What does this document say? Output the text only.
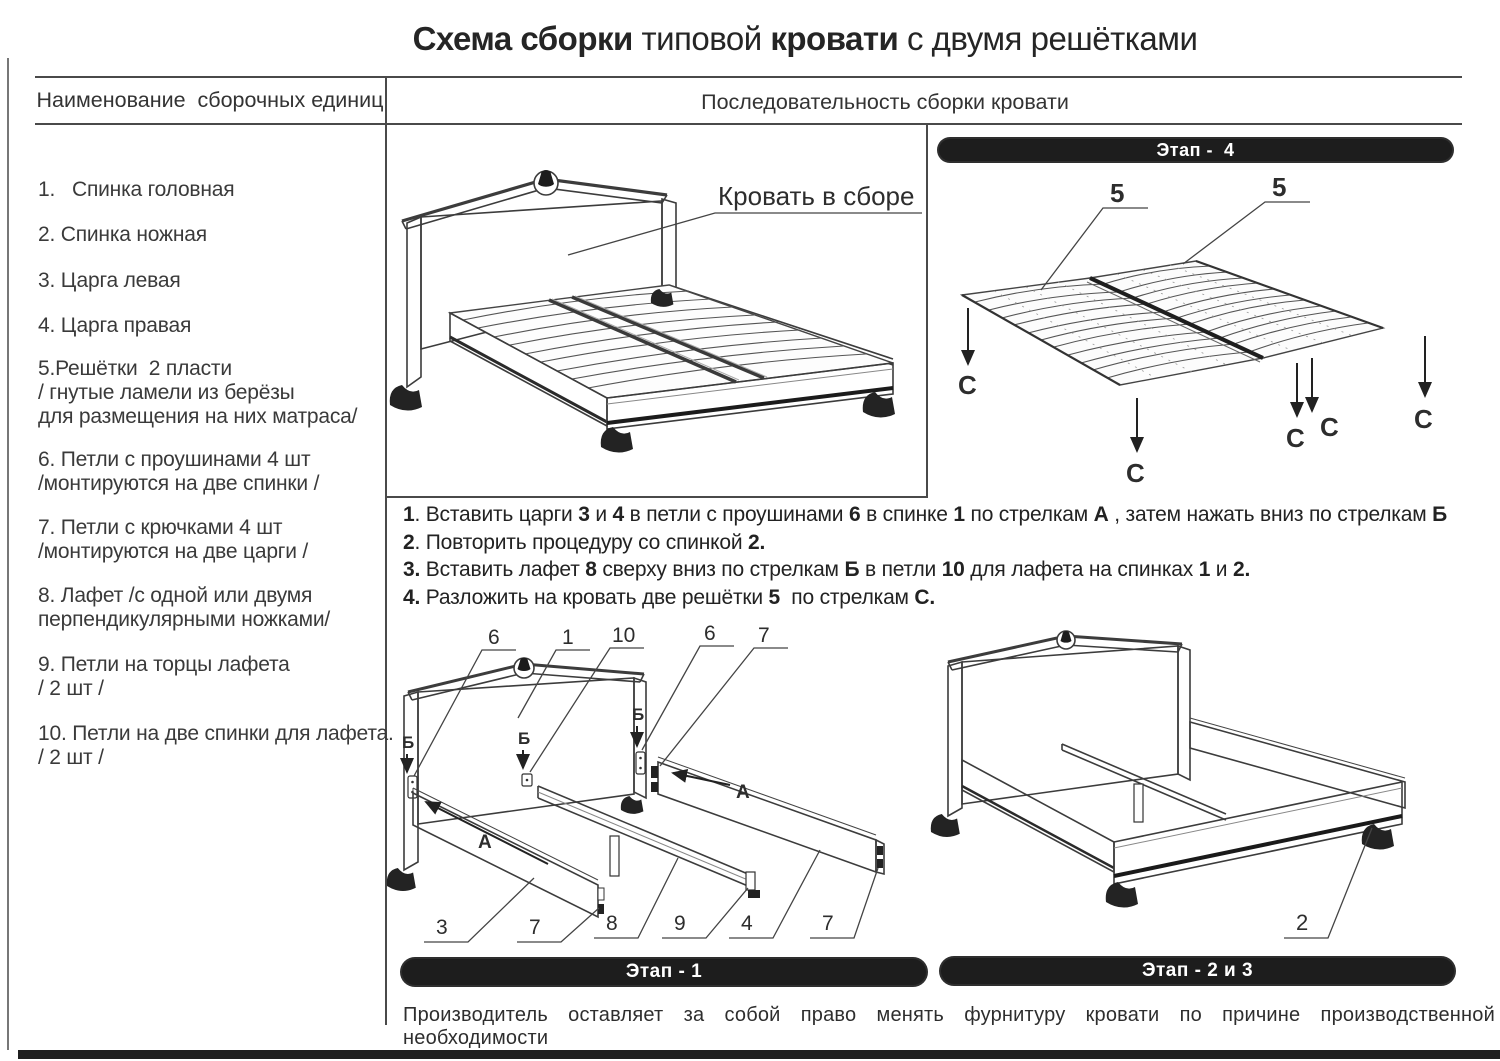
Схема сборки типовой кровати с двумя решётками
Наименование  сборочных единиц	Последовательность сборки кровати
1.   Спинка головная
2. Спинка ножная
3. Царга левая
4. Царга правая
5.Решётки  2 пласти
/ гнутые ламели из берёзы
для размещения на них матраса/
6. Петли с проушинами 4 шт
/монтируются на две спинки /
7. Петли с крючками 4 шт
/монтируются на две царги /
8. Лафет /с одной или двумя
перпендикулярными ножками/
9. Петли на торцы лафета
/ 2 шт /
10. Петли на две спинки для лафета.
/ 2 шт /
Кровать в сборе
Этап -  4
5	5
С
С
С С	С
1. Вставить царги 3 и 4 в петли с проушинами 6 в спинке 1 по стрелкам А , затем нажать вниз по стрелкам Б
2. Повторить процедуру со спинкой 2.
3. Вставить лафет 8 сверху вниз по стрелкам Б в петли 10 для лафета на спинках 1 и 2.
4. Разложить на кровать две решётки 5  по стрелкам С.
Б	Б
Б
А
А
6	1 10	6 7
3	7	8	9	4	7
Этап - 1
2
Этап - 2 и 3
Производитель оставляет за собой право менять фурнитуру кровати по причине производственной необходимости
